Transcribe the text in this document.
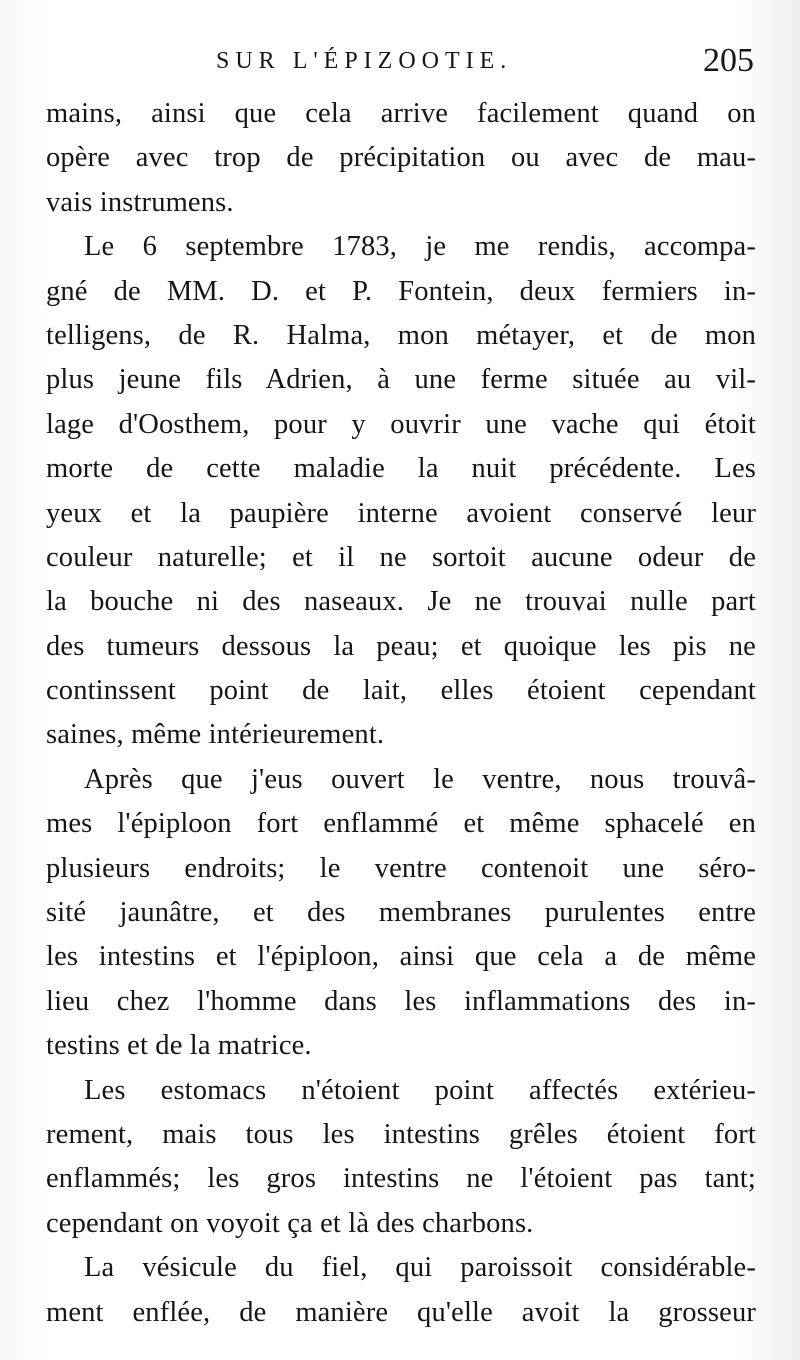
SUR L'ÉPIZOOTIE.	205
mains, ainsi que cela arrive facilement quand on
opère avec trop de précipitation ou avec de mau-
vais instrumens.
Le 6 septembre 1783, je me rendis, accompa-
gné de MM. D. et P. Fontein, deux fermiers in-
telligens, de R. Halma, mon métayer, et de mon
plus jeune fils Adrien, à une ferme située au vil-
lage d'Oosthem, pour y ouvrir une vache qui étoit
morte de cette maladie la nuit précédente. Les
yeux et la paupière interne avoient conservé leur
couleur naturelle; et il ne sortoit aucune odeur de
la bouche ni des naseaux. Je ne trouvai nulle part
des tumeurs dessous la peau; et quoique les pis ne
continssent point de lait, elles étoient cependant
saines, même intérieurement.
Après que j'eus ouvert le ventre, nous trouvâ-
mes l'épiploon fort enflammé et même sphacelé en
plusieurs endroits; le ventre contenoit une séro-
sité jaunâtre, et des membranes purulentes entre
les intestins et l'épiploon, ainsi que cela a de même
lieu chez l'homme dans les inflammations des in-
testins et de la matrice.
Les estomacs n'étoient point affectés extérieu-
rement, mais tous les intestins grêles étoient fort
enflammés; les gros intestins ne l'étoient pas tant;
cependant on voyoit ça et là des charbons.
La vésicule du fiel, qui paroissoit considérable-
ment enflée, de manière qu'elle avoit la grosseur
